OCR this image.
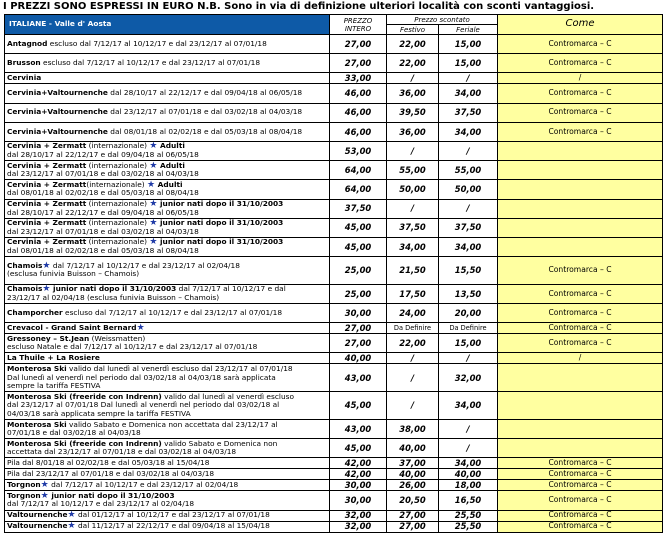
I PREZZI SONO ESPRESSI IN EURO N.B. Sono in via di definizione ulteriori località con sconti vantaggiosi.
ITALIANE - Valle d' Aosta	PREZZO INTERO	Prezzo scontato		Come
		Festivo	Feriale	

Antagnod escluso dal 7/12/17 al 10/12/17 e dal 23/12/17 al 07/01/18	27,00	22,00	15,00	Contromarca – C

Brusson escluso dal 7/12/17 al 10/12/17 e dal 23/12/17 al 07/01/18	27,00	22,00	15,00	Contromarca – C

Cervinia	33,00	/	/	/

Cervinia+Valtournenche dal 28/10/17 al 22/12/17 e dal 09/04/18 al 06/05/18	46,00	36,00	34,00	Contromarca – C

Cervinia+Valtournenche dal 23/12/17 al 07/01/18 e dal 03/02/18 al 04/03/18	46,00	39,50	37,50	Contromarca – C

Cervinia+Valtournenche dal 08/01/18 al 02/02/18 e dal 05/03/18 al 08/04/18	46,00	36,00	34,00	Contromarca – C

Cervinia + Zermatt (internazionale) ★ Adulti
dal 28/10/17 al 22/12/17 e dal 09/04/18 al 06/05/18	53,00	/	/	

Cervinia + Zermatt (internazionale) ★ Adulti
dal 23/12/17 al 07/01/18 e dal 03/02/18 al 04/03/18	64,00	55,00	55,00	

Cervinia + Zermatt(internazionale) ★ Adulti
dal 08/01/18 al 02/02/18 e dal 05/03/18 al 08/04/18	64,00	50,00	50,00	

Cervinia + Zermatt (internazionale) ★ junior nati dopo il 31/10/2003
dal 28/10/17 al 22/12/17 e dal 09/04/18 al 06/05/18	37,50	/	/	

Cervinia + Zermatt (internazionale) ★ junior nati dopo il 31/10/2003
dal 23/12/17 al 07/01/18 e dal 03/02/18 al 04/03/18	45,00	37,50	37,50	

Cervinia + Zermatt (internazionale) ★ junior nati dopo il 31/10/2003
dal 08/01/18 al 02/02/18 e dal 05/03/18 al 08/04/18	45,00	34,00	34,00	

Chamois★ dal 7/12/17 al 10/12/17 e dal 23/12/17 al 02/04/18
(esclusa funivia Buisson – Chamois)	25,00	21,50	15,50	Contromarca – C

Chamois★ junior nati dopo il 31/10/2003 dal 7/12/17 al 10/12/17 e dal
23/12/17 al 02/04/18 (esclusa funivia Buisson – Chamois)	25,00	17,50	13,50	Contromarca – C

Champorcher escluso dal 7/12/17 al 10/12/17 e dal 23/12/17 al 07/01/18	30,00	24,00	20,00	Contromarca – C

Crevacol - Grand Saint Bernard★	27,00	Da Definire	Da Definire	Contromarca – C

Gressoney – St.Jean (Weissmatten)
escluso Natale e dal 7/12/17 al 10/12/17 e dal 23/12/17 al 07/01/18	27,00	22,00	15,00	Contromarca – C

La Thuile + La Rosiere	40,00	/	/	/

Monterosa Ski valido dal lunedì al venerdì escluso dal 23/12/17 al 07/01/18
Dal lunedì al venerdì nel periodo dal 03/02/18 al 04/03/18 sarà applicata
sempre la tariffa FESTIVA	43,00	/	32,00	

Monterosa Ski (freeride con Indrenn) valido dal lunedì al venerdì escluso
dal 23/12/17 al 07/01/18 Dal lunedì al venerdì nel periodo dal 03/02/18 al
04/03/18 sarà applicata sempre la tariffa FESTIVA	45,00	/	34,00	

Monterosa Ski valido Sabato e Domenica non accettata dal 23/12/17 al
07/01/18 e dal 03/02/18 al 04/03/18	43,00	38,00	/	

Monterosa Ski (freeride con Indrenn) valido Sabato e Domenica non
accettata dal 23/12/17 al 07/01/18 e dal 03/02/18 al 04/03/18	45,00	40,00	/	

Pila dal 8/01/18 al 02/02/18 e dal 05/03/18 al 15/04/18	42,00	37,00	34,00	Contromarca – C

Pila dal 23/12/17 al 07/01/18 e dal 03/02/18 al 04/03/18	42,00	40,00	40,00	Contromarca – C

Torgnon★ dal 7/12/17 al 10/12/17 e dal 23/12/17 al 02/04/18	30,00	26,00	18,00	Contromarca – C

Torgnon★ junior nati dopo il 31/10/2003
dal 7/12/17 al 10/12/17 e dal 23/12/17 al 02/04/18	30,00	20,50	16,50	Contromarca – C

Valtournenche★ dal 01/12/17 al 10/12/17 e dal 23/12/17 al 07/01/18	32,00	27,00	25,50	Contromarca – C

Valtournenche★ dal 11/12/17 al 22/12/17 e dal 09/04/18 al 15/04/18	32,00	27,00	25,50	Contromarca – C
